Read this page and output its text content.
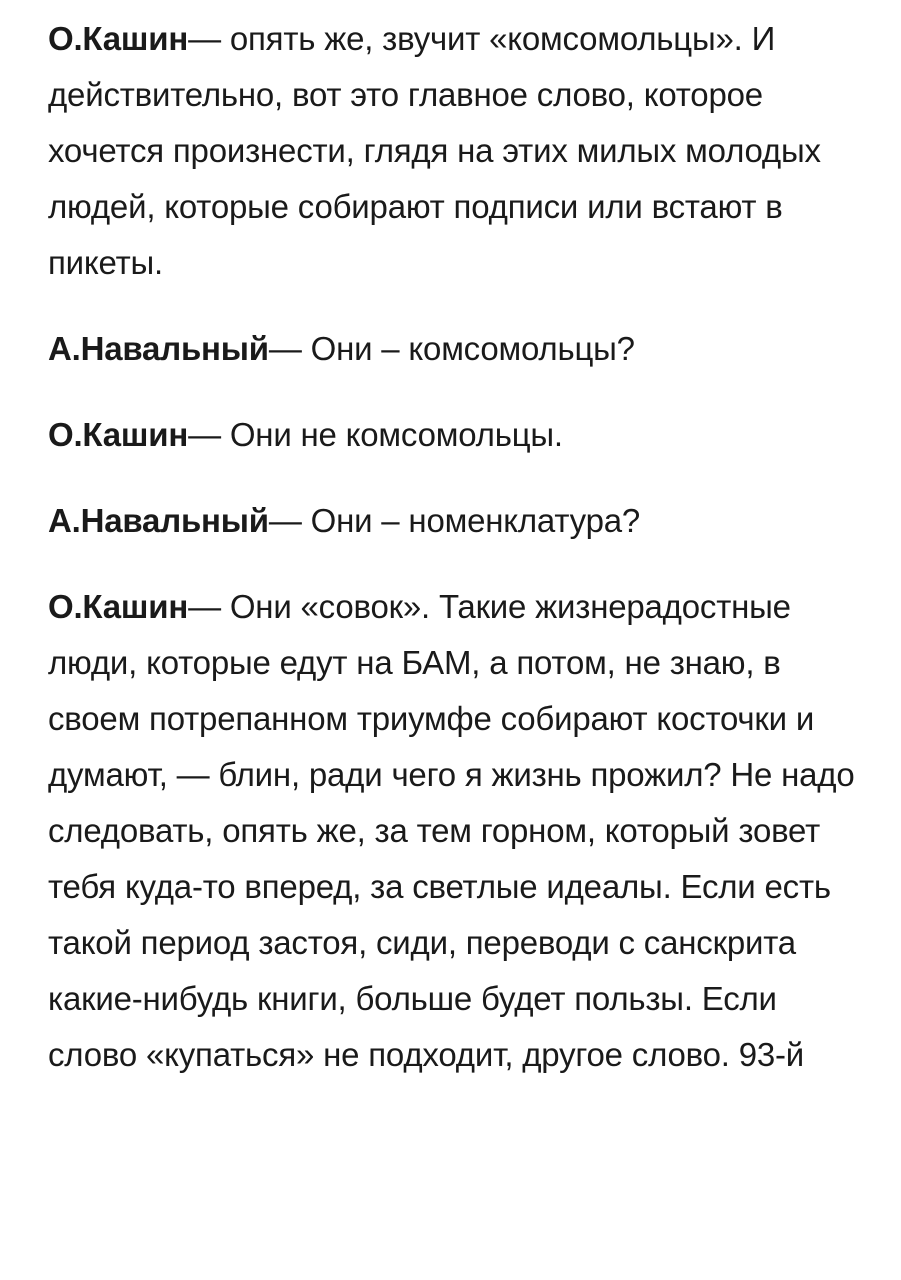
О.Кашин— опять же, звучит «комсомольцы». И действительно, вот это главное слово, которое хочется произнести, глядя на этих милых молодых людей, которые собирают подписи или встают в пикеты.

А.Навальный— Они – комсомольцы?

О.Кашин— Они не комсомольцы.

А.Навальный— Они – номенклатура?

О.Кашин— Они «совок». Такие жизнерадостные люди, которые едут на БАМ, а потом, не знаю, в своем потрепанном триумфе собирают косточки и думают, — блин, ради чего я жизнь прожил? Не надо следовать, опять же, за тем горном, который зовет тебя куда-то вперед, за светлые идеалы. Если есть такой период застоя, сиди, переводи с санскрита какие-нибудь книги, больше будет пользы. Если слово «купаться» не подходит, другое слово. 93-й
